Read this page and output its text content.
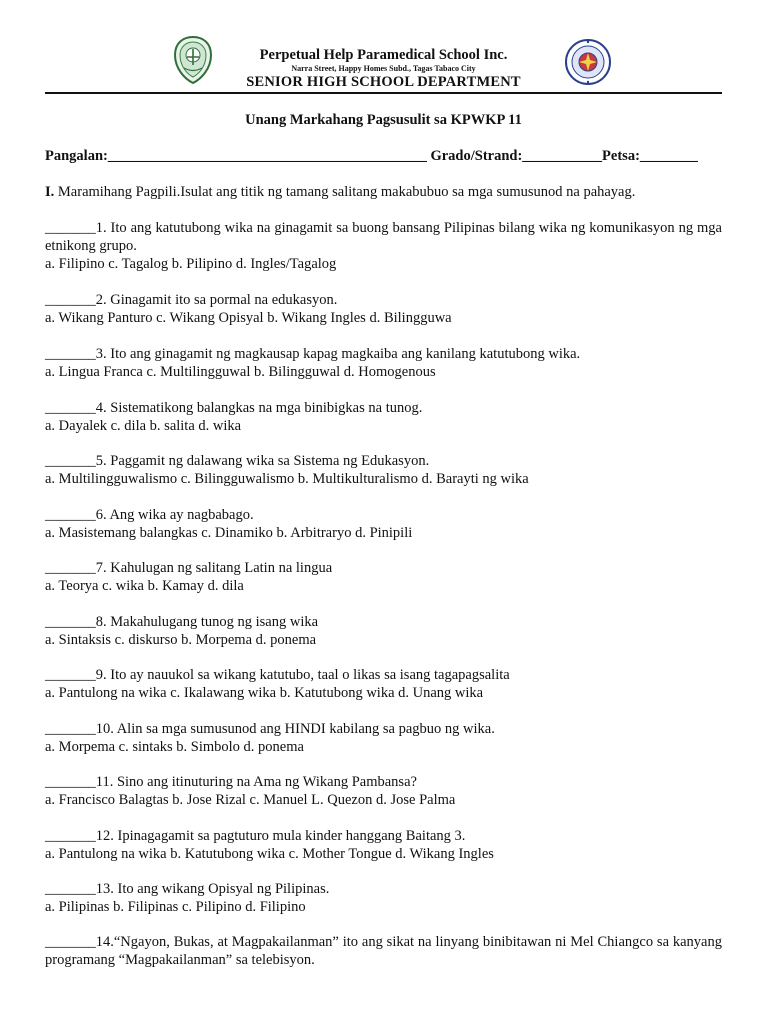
Perpetual Help Paramedical School Inc.
Narra Street, Happy Homes Subd., Tagas Tabaco City
SENIOR HIGH SCHOOL DEPARTMENT
Unang Markahang Pagsusulit sa KPWKP 11
Pangalan:____________________________________________ Grado/Strand:___________Petsa:________
I. Maramihang Pagpili.Isulat ang titik ng tamang salitang makabubuo sa mga sumusunod na pahayag.
_______1. Ito ang katutubong wika na ginagamit sa buong bansang Pilipinas bilang wika ng komunikasyon ng mga etnikong grupo.
a. Filipino c. Tagalog b. Pilipino d. Ingles/Tagalog
_______2. Ginagamit ito sa pormal na edukasyon.
a. Wikang Panturo c. Wikang Opisyal b. Wikang Ingles d. Bilingguwa
_______3. Ito ang ginagamit ng magkausap kapag magkaiba ang kanilang katutubong wika.
a. Lingua Franca c. Multilingguwal b. Bilingguwal d. Homogenous
_______4. Sistematikong balangkas na mga binibigkas na tunog.
a. Dayalek c. dila b. salita d. wika
_______5. Paggamit ng dalawang wika sa Sistema ng Edukasyon.
a. Multilingguwalismo c. Bilingguwalismo b. Multikulturalismo d. Barayti ng wika
_______6. Ang wika ay nagbabago.
a. Masistemang balangkas c. Dinamiko b. Arbitraryo d. Pinipili
_______7. Kahulugan ng salitang Latin na lingua
a. Teorya c. wika b. Kamay d. dila
_______8. Makahulugang tunog ng isang wika
a. Sintaksis c. diskurso b. Morpema d. ponema
_______9. Ito ay nauukol sa wikang katutubo, taal o likas sa isang tagapagsalita
a. Pantulong na wika c. Ikalawang wika b. Katutubong wika d. Unang wika
_______10. Alin sa mga sumusunod ang HINDI kabilang sa pagbuo ng wika.
a. Morpema c. sintaks b. Simbolo d. ponema
_______11. Sino ang itinuturing na Ama ng Wikang Pambansa?
a. Francisco Balagtas b. Jose Rizal c. Manuel L. Quezon d. Jose Palma
_______12. Ipinagagamit sa pagtuturo mula kinder hanggang Baitang 3.
a. Pantulong na wika b. Katutubong wika c. Mother Tongue d. Wikang Ingles
_______13. Ito ang wikang Opisyal ng Pilipinas.
a. Pilipinas b. Filipinas c. Pilipino d. Filipino
_______14.“Ngayon, Bukas, at Magpakailanman” ito ang sikat na linyang binibitawan ni Mel Chiangco sa kanyang programang “Magpakailanman” sa telebisyon.
